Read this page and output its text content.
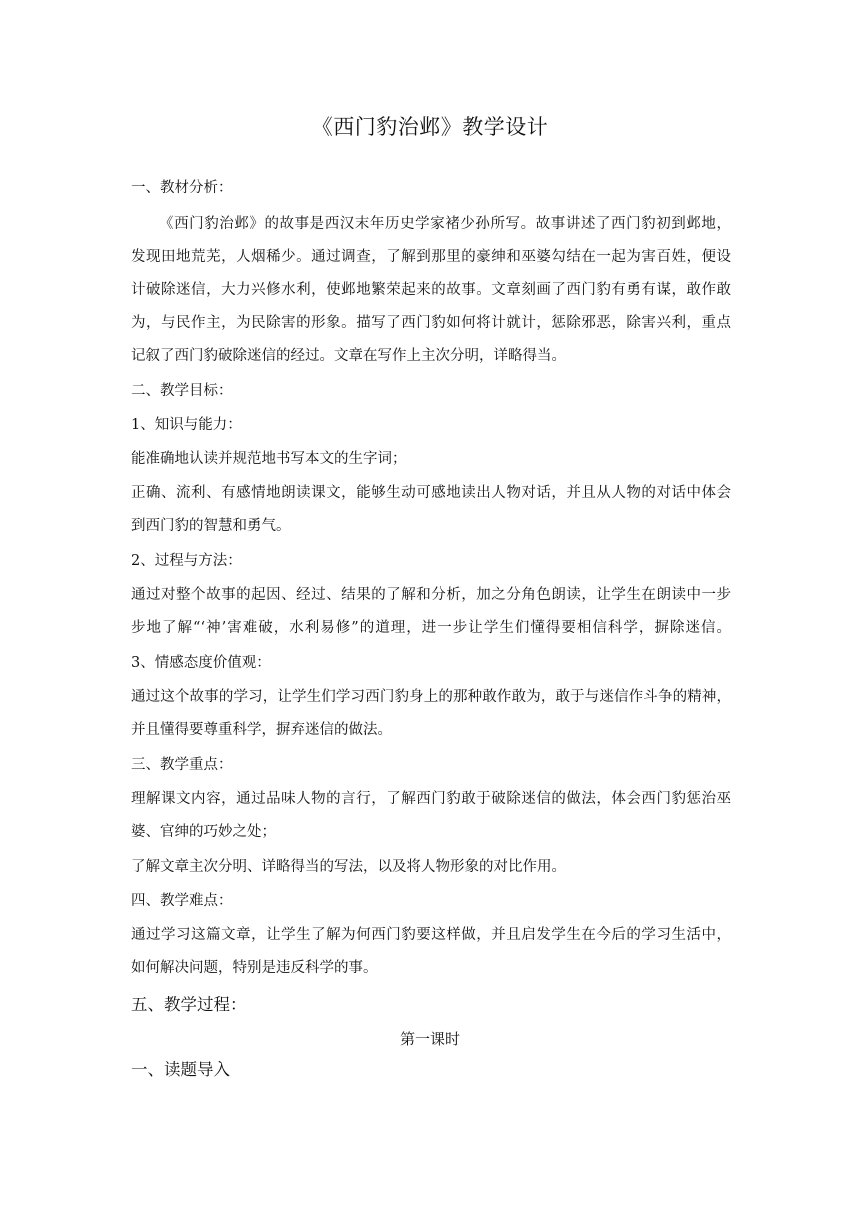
《西门豹治邺》教学设计
一、教材分析：
《西门豹治邺》的故事是西汉末年历史学家褚少孙所写。故事讲述了西门豹初到邺地，
发现田地荒芜，人烟稀少。通过调查，了解到那里的豪绅和巫婆勾结在一起为害百姓，便设
计破除迷信，大力兴修水利，使邺地繁荣起来的故事。文章刻画了西门豹有勇有谋，敢作敢
为，与民作主，为民除害的形象。描写了西门豹如何将计就计，惩除邪恶，除害兴利，重点
记叙了西门豹破除迷信的经过。文章在写作上主次分明，详略得当。
二、教学目标：
1、知识与能力：
能准确地认读并规范地书写本文的生字词；
正确、流利、有感情地朗读课文，能够生动可感地读出人物对话，并且从人物的对话中体会
到西门豹的智慧和勇气。
2、过程与方法：
通过对整个故事的起因、经过、结果的了解和分析，加之分角色朗读，让学生在朗读中一步
步地了解“‘神’害难破，水利易修”的道理，进一步让学生们懂得要相信科学，摒除迷信。
3、情感态度价值观：
通过这个故事的学习，让学生们学习西门豹身上的那种敢作敢为，敢于与迷信作斗争的精神，
并且懂得要尊重科学，摒弃迷信的做法。
三、教学重点：
理解课文内容，通过品味人物的言行，了解西门豹敢于破除迷信的做法，体会西门豹惩治巫
婆、官绅的巧妙之处；
了解文章主次分明、详略得当的写法，以及将人物形象的对比作用。
四、教学难点：
通过学习这篇文章，让学生了解为何西门豹要这样做，并且启发学生在今后的学习生活中，
如何解决问题，特别是违反科学的事。
五、教学过程：
第一课时
一、读题导入
